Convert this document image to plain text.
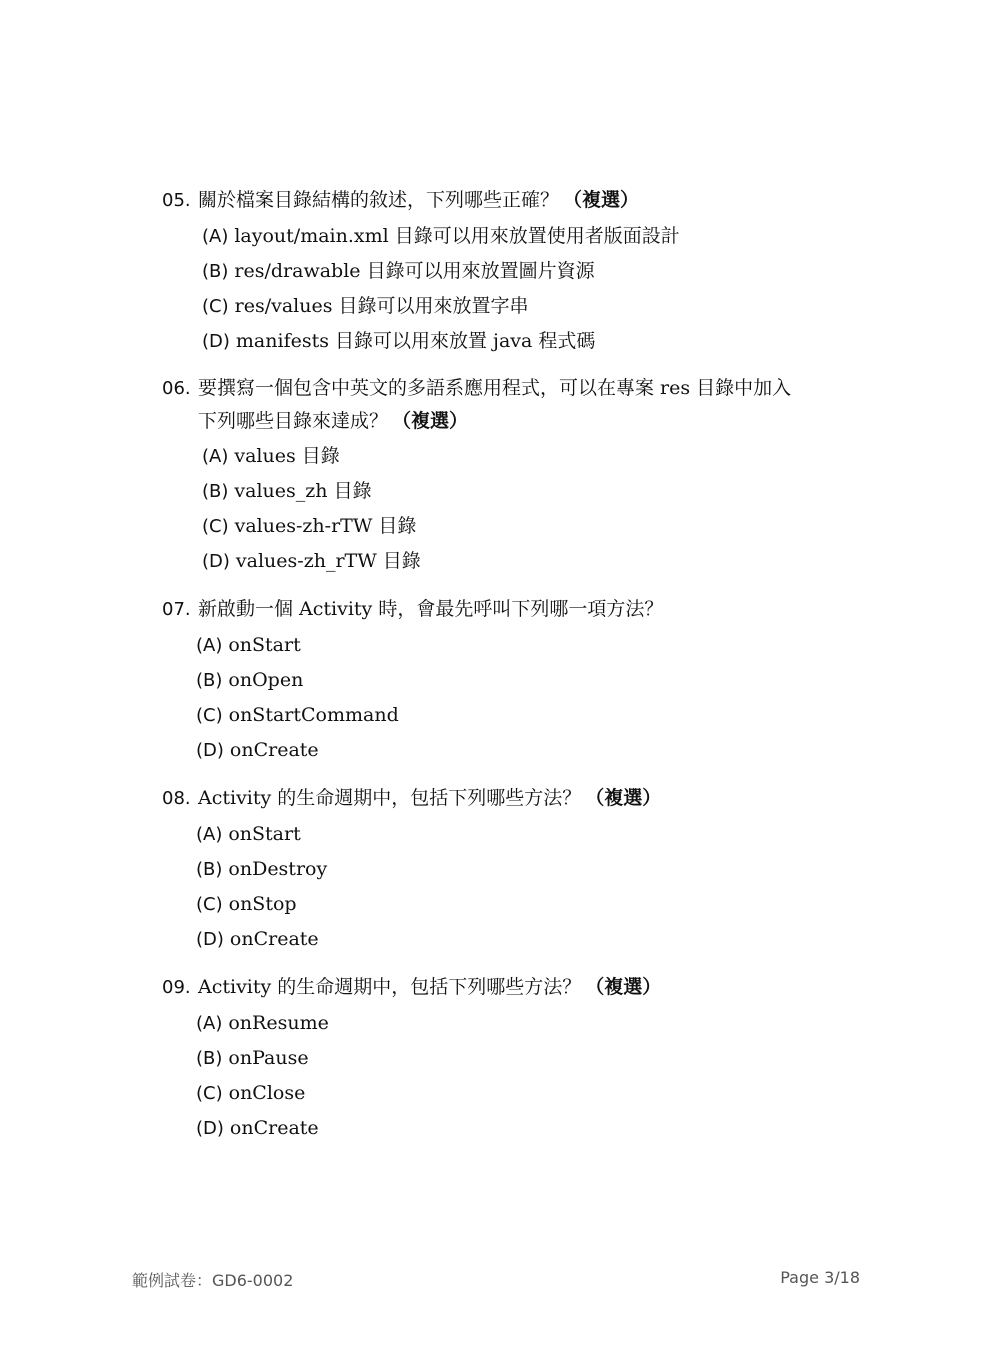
05. 關於檔案目錄結構的敘述，下列哪些正確？ （複選）
(A) layout/main.xml 目錄可以用來放置使用者版面設計
(B) res/drawable 目錄可以用來放置圖片資源
(C) res/values 目錄可以用來放置字串
(D) manifests 目錄可以用來放置 java 程式碼
06. 要撰寫一個包含中英文的多語系應用程式，可以在專案 res 目錄中加入
下列哪些目錄來達成？ （複選）
(A) values 目錄
(B) values_zh 目錄
(C) values-zh-rTW 目錄
(D) values-zh_rTW 目錄
07. 新啟動一個 Activity 時，會最先呼叫下列哪一項方法？
(A) onStart
(B) onOpen
(C) onStartCommand
(D) onCreate
08. Activity 的生命週期中，包括下列哪些方法？ （複選）
(A) onStart
(B) onDestroy
(C) onStop
(D) onCreate
09. Activity 的生命週期中，包括下列哪些方法？ （複選）
(A) onResume
(B) onPause
(C) onClose
(D) onCreate
範例試卷：GD6-0002	Page 3/18
